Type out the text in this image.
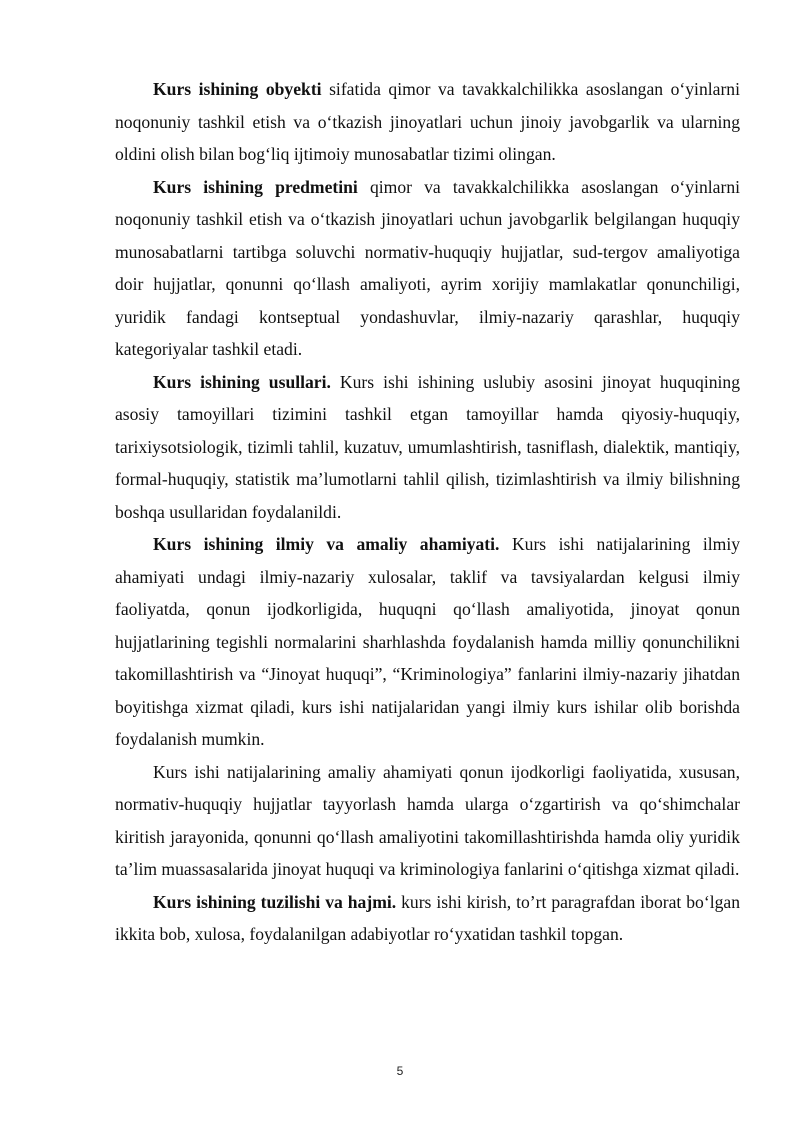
Kurs ishining obyekti sifatida qimor va tavakkalchilikka asoslangan o‘yinlarni noqonuniy tashkil etish va o‘tkazish jinoyatlari uchun jinoiy javobgarlik va ularning oldini olish bilan bog‘liq ijtimoiy munosabatlar tizimi olingan.

Kurs ishining predmetini qimor va tavakkalchilikka asoslangan o‘yinlarni noqonuniy tashkil etish va o‘tkazish jinoyatlari uchun javobgarlik belgilangan huquqiy munosabatlarni tartibga soluvchi normativ-huquqiy hujjatlar, sud-tergov amaliyotiga doir hujjatlar, qonunni qo‘llash amaliyoti, ayrim xorijiy mamlakatlar qonunchiligi, yuridik fandagi kontseptual yondashuvlar, ilmiy-nazariy qarashlar, huquqiy kategoriyalar tashkil etadi.

Kurs ishining usullari. Kurs ishi ishining uslubiy asosini jinoyat huquqining asosiy tamoyillari tizimini tashkil etgan tamoyillar hamda qiyosiy-huquqiy, tarixiysotsiologik, tizimli tahlil, kuzatuv, umumlashtirish, tasniflash, dialektik, mantiqiy, formal-huquqiy, statistik ma’lumotlarni tahlil qilish, tizimlashtirish va ilmiy bilishning boshqa usullaridan foydalanildi.

Kurs ishining ilmiy va amaliy ahamiyati. Kurs ishi natijalarining ilmiy ahamiyati undagi ilmiy-nazariy xulosalar, taklif va tavsiyalardan kelgusi ilmiy faoliyatda, qonun ijodkorligida, huquqni qo‘llash amaliyotida, jinoyat qonun hujjatlarining tegishli normalarini sharhlashda foydalanish hamda milliy qonunchilikni takomillashtirish va “Jinoyat huquqi”, “Kriminologiya” fanlarini ilmiy-nazariy jihatdan boyitishga xizmat qiladi, kurs ishi natijalaridan yangi ilmiy kurs ishilar olib borishda foydalanish mumkin.

Kurs ishi natijalarining amaliy ahamiyati qonun ijodkorligi faoliyatida, xususan, normativ-huquqiy hujjatlar tayyorlash hamda ularga o‘zgartirish va qo‘shimchalar kiritish jarayonida, qonunni qo‘llash amaliyotini takomillashtirishda hamda oliy yuridik ta’lim muassasalarida jinoyat huquqi va kriminologiya fanlarini o‘qitishga xizmat qiladi.

Kurs ishining tuzilishi va hajmi. kurs ishi kirish, to’rt paragrafdan iborat bo‘lgan ikkita bob, xulosa, foydalanilgan adabiyotlar ro‘yxatidan tashkil topgan.

5
